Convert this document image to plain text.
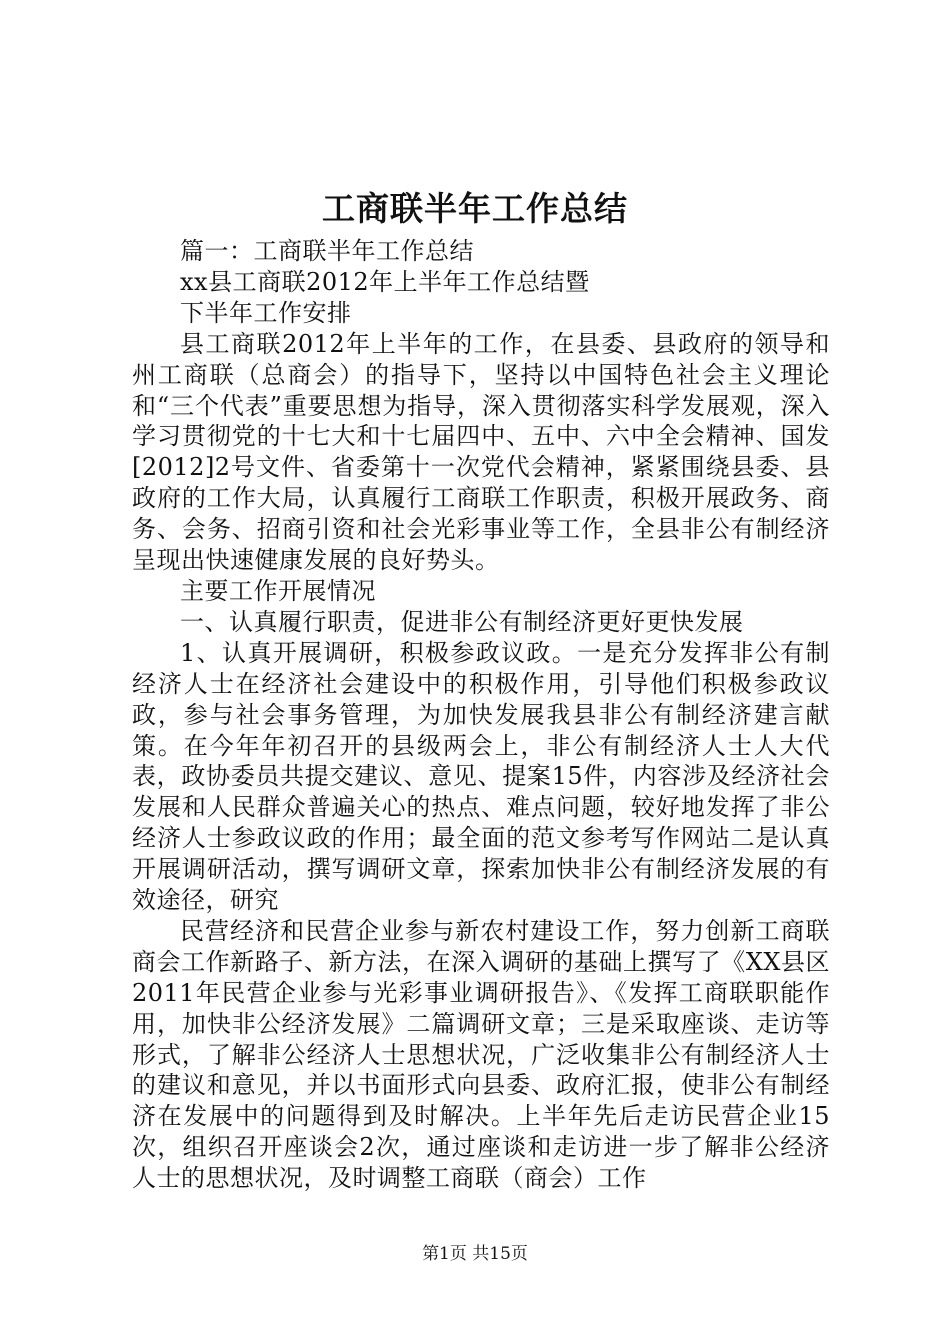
工商联半年工作总结

篇一：工商联半年工作总结

xx县工商联2012年上半年工作总结暨

下半年工作安排

县工商联2012年上半年的工作，在县委、县政府的领导和州工商联（总商会）的指导下，坚持以中国特色社会主义理论和“三个代表”重要思想为指导，深入贯彻落实科学发展观，深入学习贯彻党的十七大和十七届四中、五中、六中全会精神、国发[2012]2号文件、省委第十一次党代会精神，紧紧围绕县委、县政府的工作大局，认真履行工商联工作职责，积极开展政务、商务、会务、招商引资和社会光彩事业等工作，全县非公有制经济呈现出快速健康发展的良好势头。

主要工作开展情况

一、认真履行职责，促进非公有制经济更好更快发展

1、认真开展调研，积极参政议政。一是充分发挥非公有制经济人士在经济社会建设中的积极作用，引导他们积极参政议政，参与社会事务管理，为加快发展我县非公有制经济建言献策。在今年年初召开的县级两会上，非公有制经济人士人大代表，政协委员共提交建议、意见、提案15件，内容涉及经济社会发展和人民群众普遍关心的热点、难点问题，较好地发挥了非公经济人士参政议政的作用；最全面的范文参考写作网站二是认真开展调研活动，撰写调研文章，探索加快非公有制经济发展的有效途径，研究

民营经济和民营企业参与新农村建设工作，努力创新工商联商会工作新路子、新方法，在深入调研的基础上撰写了《XX县区2011年民营企业参与光彩事业调研报告》、《发挥工商联职能作用，加快非公经济发展》二篇调研文章；三是采取座谈、走访等形式，了解非公经济人士思想状况，广泛收集非公有制经济人士的建议和意见，并以书面形式向县委、政府汇报，使非公有制经济在发展中的问题得到及时解决。上半年先后走访民营企业15次，组织召开座谈会2次，通过座谈和走访进一步了解非公经济人士的思想状况，及时调整工商联（商会）工作

第1页 共15页
